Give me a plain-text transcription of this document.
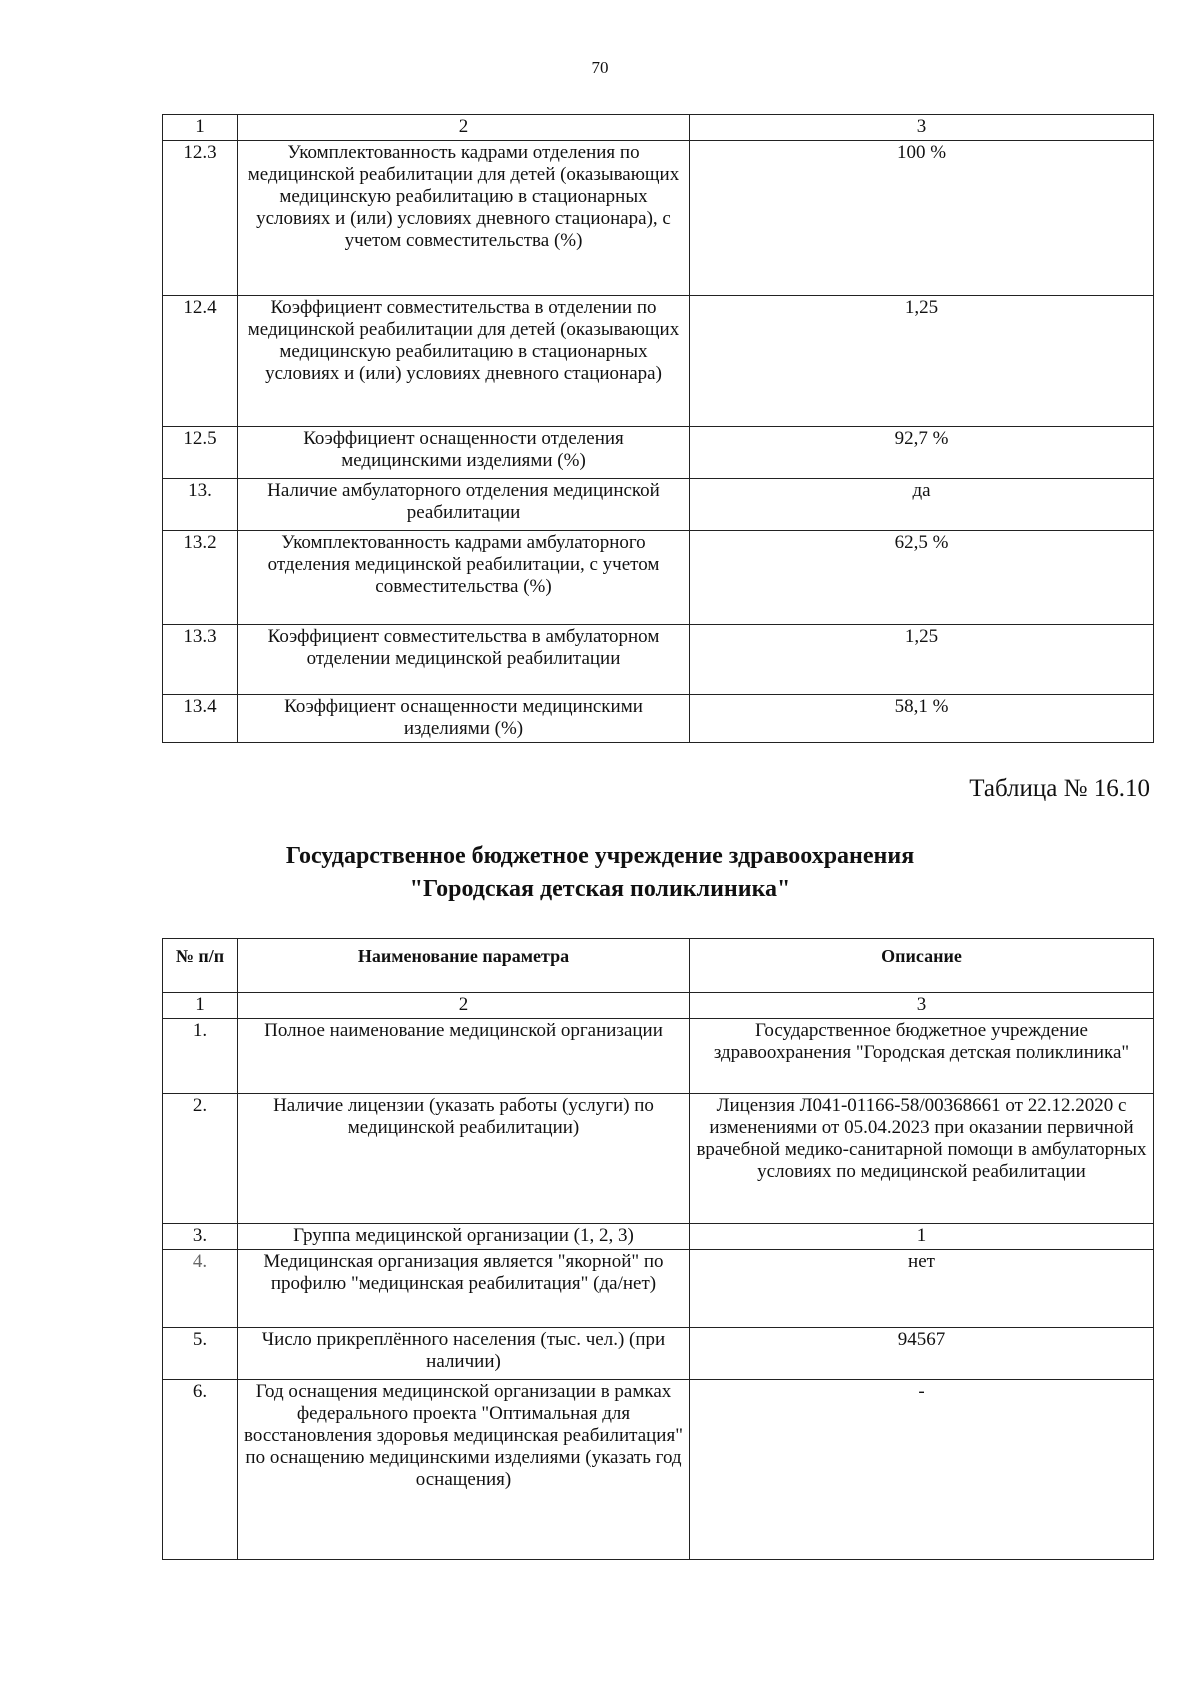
70
1	2	3
12.3	Укомплектованность кадрами отделения по медицинской реабилитации для детей (оказывающих медицинскую реабилитацию в стационарных условиях и (или) условиях дневного стационара), с учетом совместительства (%)	100 %
12.4	Коэффициент совместительства в отделении по медицинской реабилитации для детей (оказывающих медицинскую реабилитацию в стационарных условиях и (или) условиях дневного стационара)	1,25
12.5	Коэффициент оснащенности отделения медицинскими изделиями (%)	92,7 %
13.	Наличие амбулаторного отделения медицинской реабилитации	да
13.2	Укомплектованность кадрами амбулаторного отделения медицинской реабилитации, с учетом совместительства (%)	62,5 %
13.3	Коэффициент совместительства в амбулаторном отделении медицинской реабилитации	1,25
13.4	Коэффициент оснащенности медицинскими изделиями (%)	58,1 %
Таблица № 16.10
Государственное бюджетное учреждение здравоохранения
"Городская детская поликлиника"
№ п/п	Наименование параметра	Описание
1	2	3
1.	Полное наименование медицинской организации	Государственное бюджетное учреждение здравоохранения "Городская детская поликлиника"
2.	Наличие лицензии (указать работы (услуги) по медицинской реабилитации)	Лицензия Л041-01166-58/00368661 от 22.12.2020 с изменениями от 05.04.2023 при оказании первичной врачебной медико-санитарной помощи в амбулаторных условиях по медицинской реабилитации
3.	Группа медицинской организации (1, 2, 3)	1
4.	Медицинская организация является "якорной" по профилю "медицинская реабилитация" (да/нет)	нет
5.	Число прикреплённого населения (тыс. чел.) (при наличии)	94567
6.	Год оснащения медицинской организации в рамках федерального проекта "Оптимальная для восстановления здоровья медицинская реабилитация" по оснащению медицинскими изделиями (указать год оснащения)	-
